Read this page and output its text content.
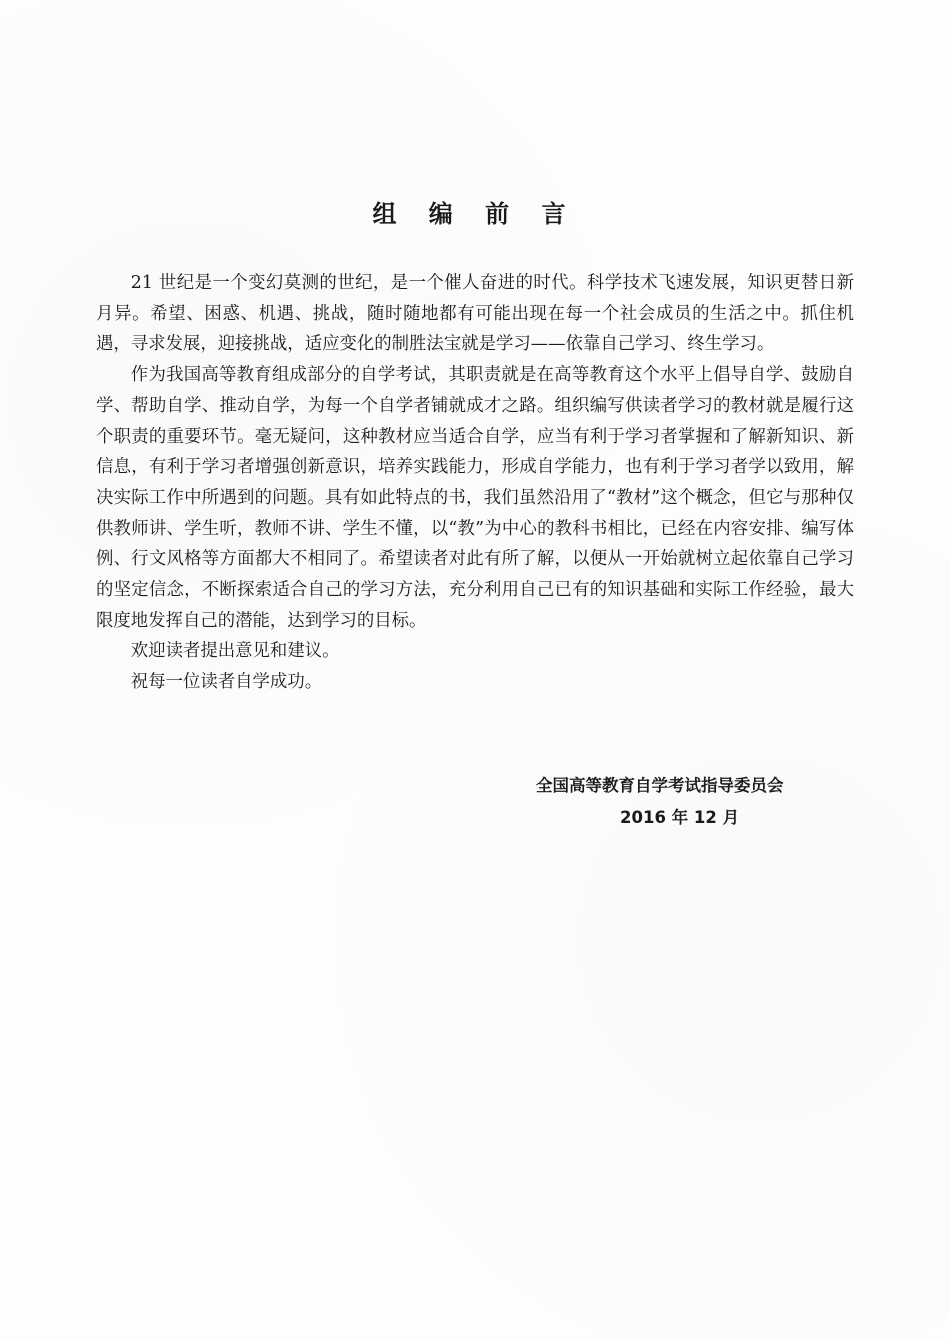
组 编 前 言

21 世纪是一个变幻莫测的世纪，是一个催人奋进的时代。科学技术飞速发展，知识更替日新月异。希望、困惑、机遇、挑战，随时随地都有可能出现在每一个社会成员的生活之中。抓住机遇，寻求发展，迎接挑战，适应变化的制胜法宝就是学习——依靠自己学习、终生学习。

作为我国高等教育组成部分的自学考试，其职责就是在高等教育这个水平上倡导自学、鼓励自学、帮助自学、推动自学，为每一个自学者铺就成才之路。组织编写供读者学习的教材就是履行这个职责的重要环节。毫无疑问，这种教材应当适合自学，应当有利于学习者掌握和了解新知识、新信息，有利于学习者增强创新意识，培养实践能力，形成自学能力，也有利于学习者学以致用，解决实际工作中所遇到的问题。具有如此特点的书，我们虽然沿用了“教材”这个概念，但它与那种仅供教师讲、学生听，教师不讲、学生不懂，以“教”为中心的教科书相比，已经在内容安排、编写体例、行文风格等方面都大不相同了。希望读者对此有所了解，以便从一开始就树立起依靠自己学习的坚定信念，不断探索适合自己的学习方法，充分利用自己已有的知识基础和实际工作经验，最大限度地发挥自己的潜能，达到学习的目标。

欢迎读者提出意见和建议。

祝每一位读者自学成功。

全国高等教育自学考试指导委员会
2016 年 12 月
